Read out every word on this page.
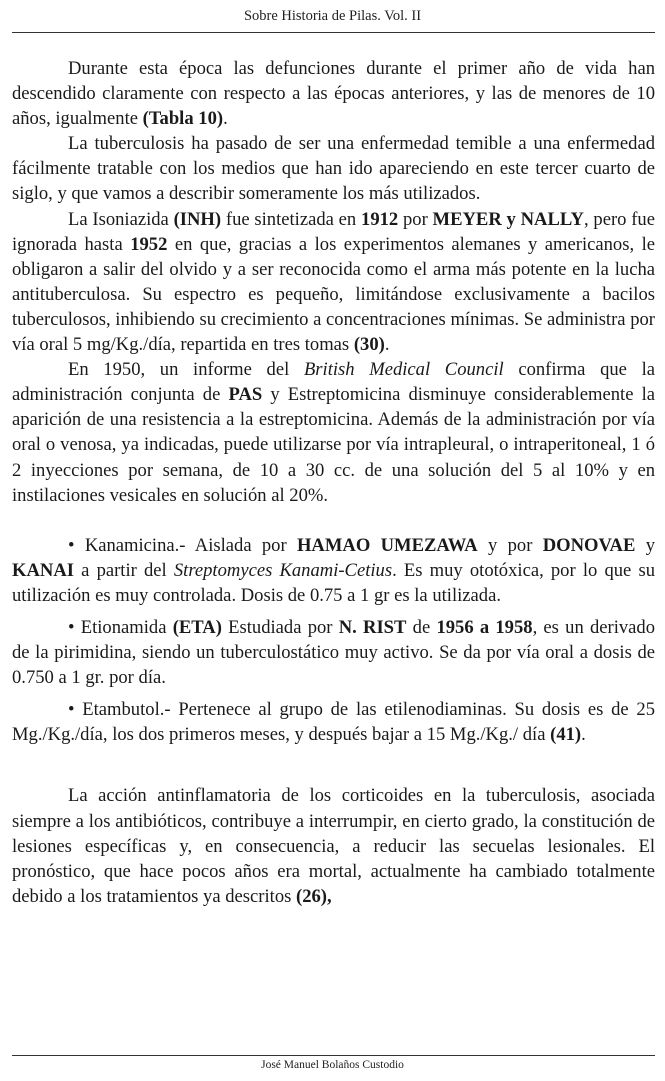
Sobre Historia de Pilas. Vol. II

Durante esta época las defunciones durante el primer año de vida han descendido claramente con respecto a las épocas anteriores, y las de menores de 10 años, igualmente (Tabla 10).

La tuberculosis ha pasado de ser una enfermedad temible a una enfermedad fácilmente tratable con los medios que han ido apareciendo en este tercer cuarto de siglo, y que vamos a describir someramente los más utilizados.

La Isoniazida (INH) fue sintetizada en 1912 por MEYER y NALLY, pero fue ignorada hasta 1952 en que, gracias a los experimentos alemanes y americanos, le obligaron a salir del olvido y a ser reconocida como el arma más potente en la lucha antituberculosa. Su espectro es pequeño, limitándose exclusivamente a bacilos tuberculosos, inhibiendo su crecimiento a concentraciones mínimas. Se administra por vía oral 5 mg/Kg./día, repartida en tres tomas (30).

En 1950, un informe del British Medical Council confirma que la administración conjunta de PAS y Estreptomicina disminuye considerablemente la aparición de una resistencia a la estreptomicina. Además de la administración por vía oral o venosa, ya indicadas, puede utilizarse por vía intrapleural, o intraperitoneal, 1 ó 2 inyecciones por semana, de 10 a 30 cc. de una solución del 5 al 10% y en instilaciones vesicales en solución al 20%.

• Kanamicina.- Aislada por HAMAO UMEZAWA y por DONOVAE y KANAI a partir del Streptomyces Kanami-Cetius. Es muy ototóxica, por lo que su utilización es muy controlada. Dosis de 0.75 a 1 gr es la utilizada.

• Etionamida (ETA) Estudiada por N. RIST de 1956 a 1958, es un derivado de la pirimidina, siendo un tuberculostático muy activo. Se da por vía oral a dosis de 0.750 a 1 gr. por día.

• Etambutol.- Pertenece al grupo de las etilenodiaminas. Su dosis es de 25 Mg./Kg./día, los dos primeros meses, y después bajar a 15 Mg./Kg./ día (41).

La acción antinflamatoria de los corticoides en la tuberculosis, asociada siempre a los antibióticos, contribuye a interrumpir, en cierto grado, la constitución de lesiones específicas y, en consecuencia, a reducir las secuelas lesionales. El pronóstico, que hace pocos años era mortal, actualmente ha cambiado totalmente debido a los tratamientos ya descritos (26),

José Manuel Bolaños Custodio
